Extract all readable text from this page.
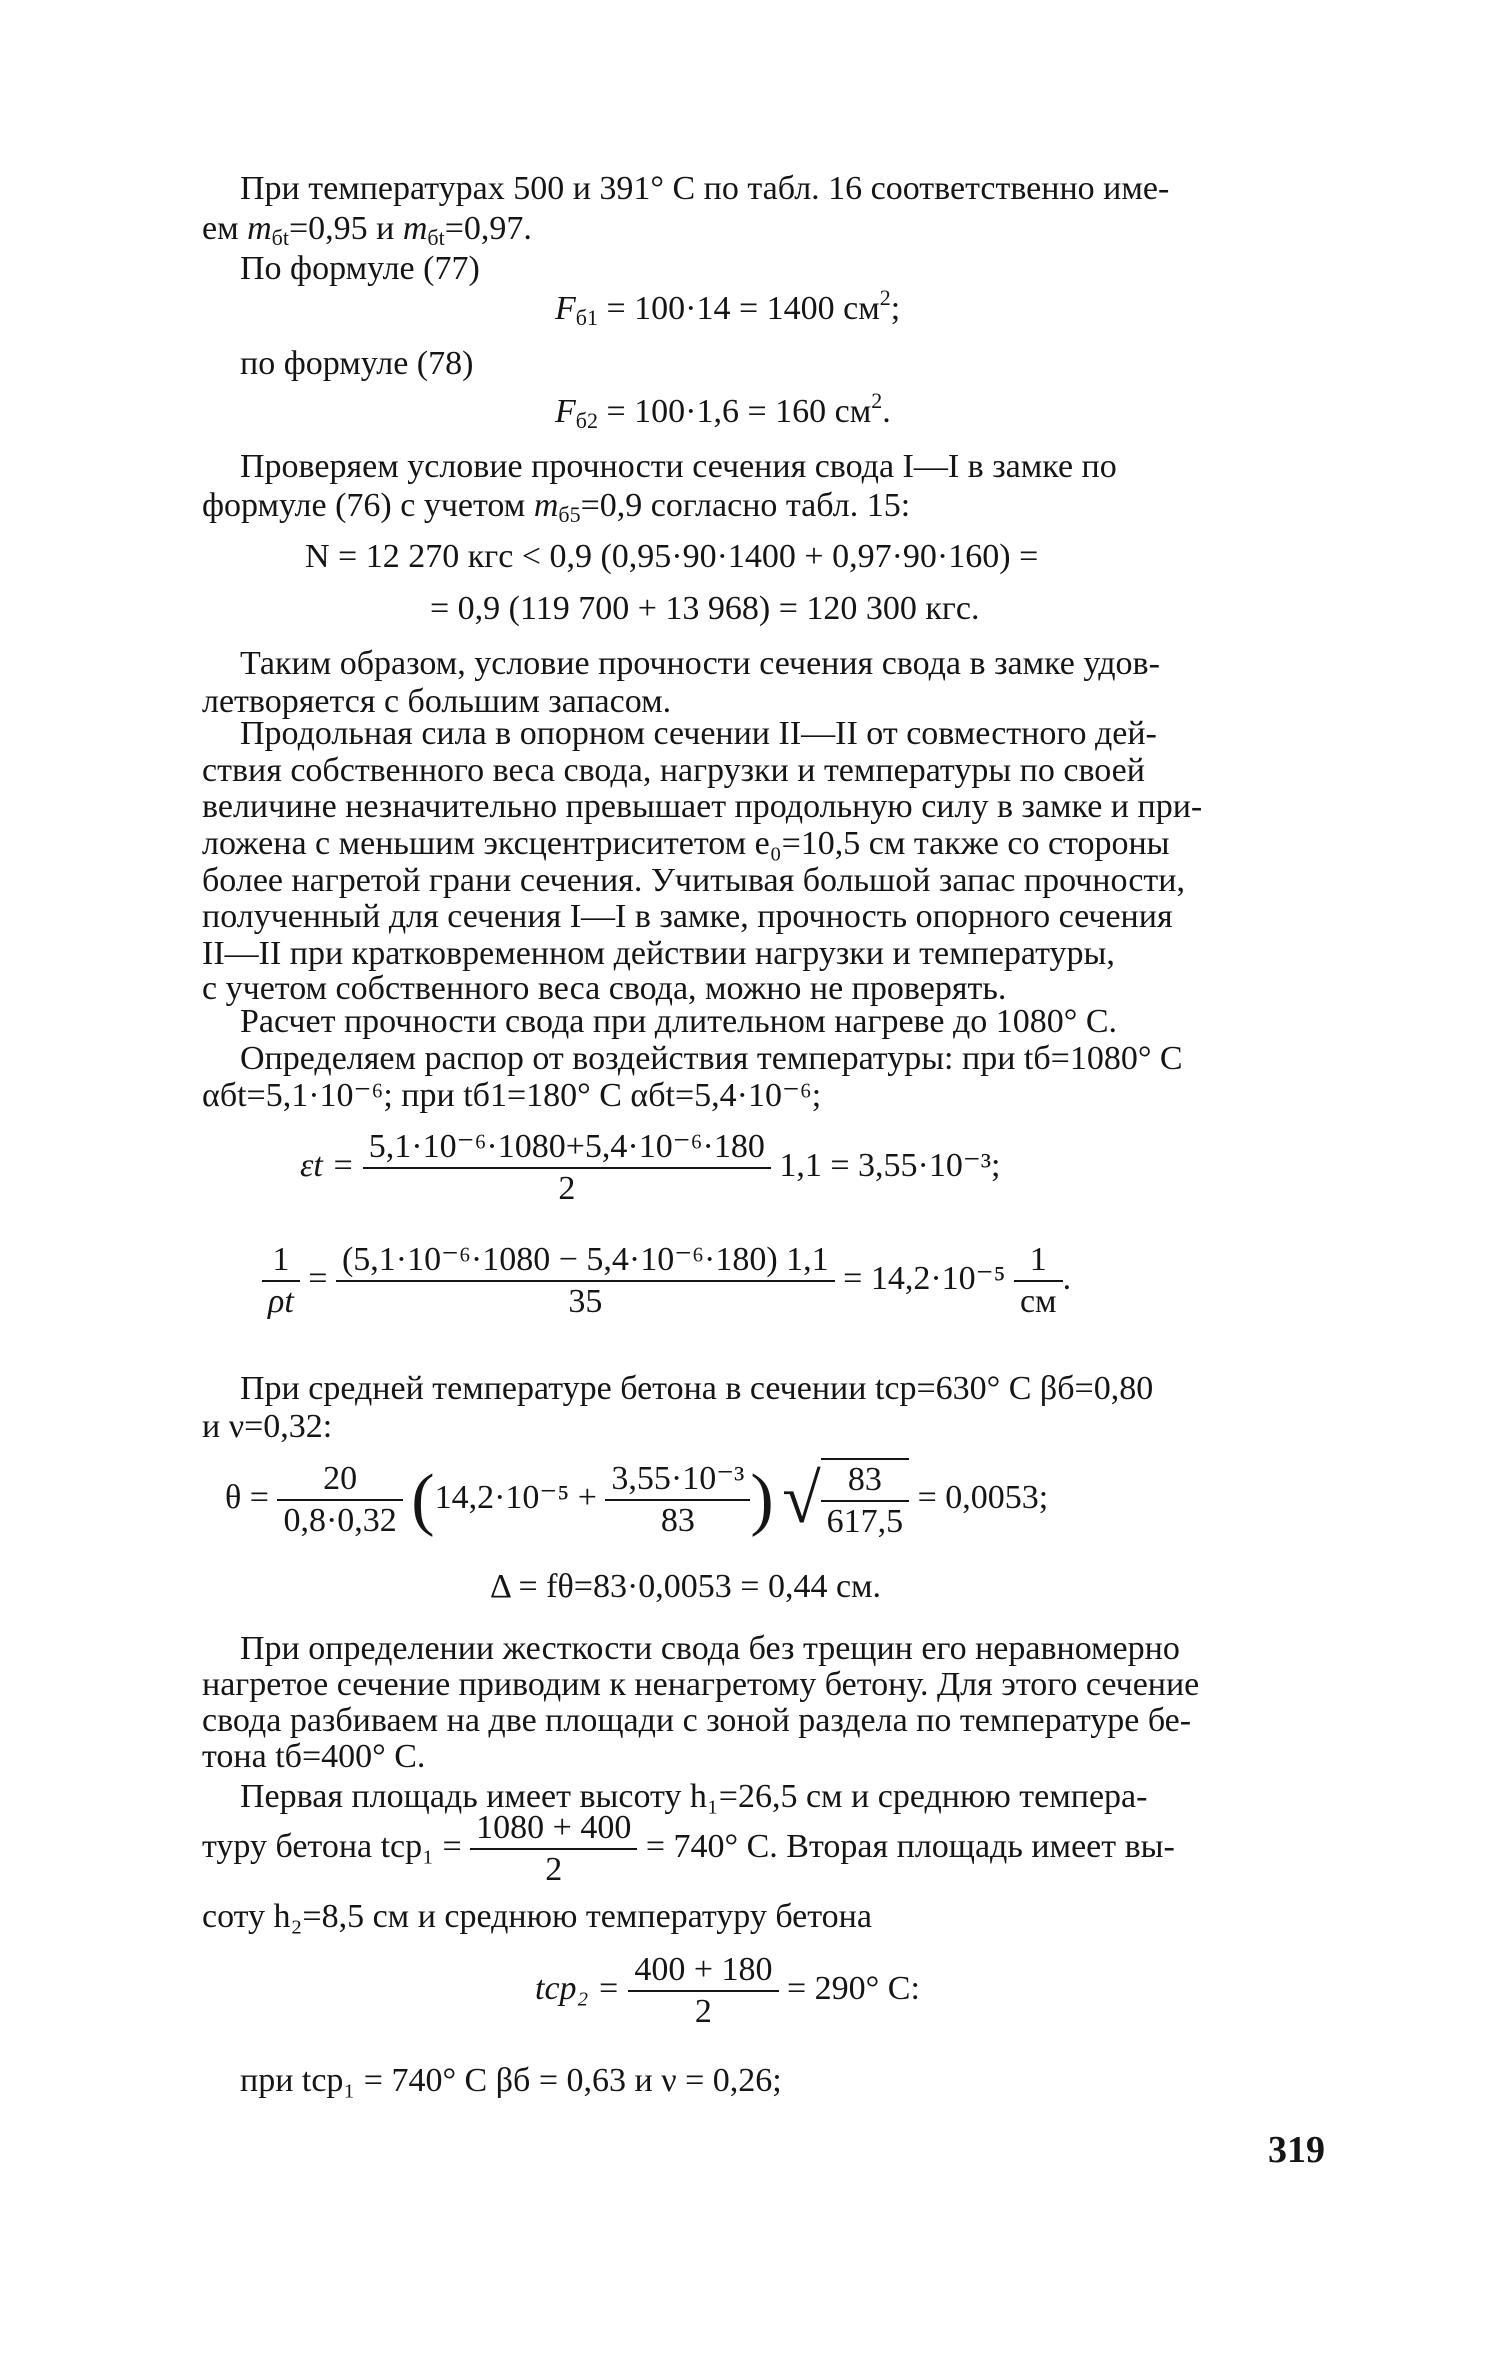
При температурах 500 и 391° С по табл. 16 соответственно име-
ем $m_{бt}=0,95$ и $m_{бt}=0,97$.
По формуле (77)
$F_{б1} = 100\cdot 14 = 1400$ $см^2$;
по формуле (78)
$F_{б2} = 100\cdot 1,6 = 160$ $см^2$.
Проверяем условие прочности сечения свода I—I в замке по
формуле (76) с учетом $m_{б5}=0,9$ согласно табл. 15:
N = 12 270 кгс < 0,9 (0,95·90·1400 + 0,97·90·160) =
= 0,9 (119 700 + 13 968) = 120 300 кгс.
Таким образом, условие прочности сечения свода в замке удов-
летворяется с большим запасом.
Продольная сила в опорном сечении II—II от совместного дей-
ствия собственного веса свода, нагрузки и температуры по своей
величине незначительно превышает продольную силу в замке и при-
ложена с меньшим эксцентриситетом e₀=10,5 см также со стороны
более нагретой грани сечения. Учитывая большой запас прочности,
полученный для сечения I—I в замке, прочность опорного сечения
II—II при кратковременном действии нагрузки и температуры,
с учетом собственного веса свода, можно не проверять.
Расчет прочности свода при длительном нагреве до 1080° С.
Определяем распор от воздействия температуры: при tб=1080° С
αбt=5,1·10⁻⁶; при tб1=180° С αбt=5,4·10⁻⁶;
$\varepsilon t = \frac{\text{5,1·10⁻⁶·1080+5,4·10⁻⁶·180}}{2} 1,1 = 3,55\cdot 10^{-3}$;
$\frac{1}{\rho t} = \frac{\text{(5,1·10⁻⁶·1080 − 5,4·10⁻⁶·180) 1,1}}{35} = 14,2\cdot 10^{-5} \frac{1}{см}$ .
При средней температуре бетона в сечении tср=630° С βб=0,80
и ν=0,32:
$\theta = \frac{20}{0,8\cdot 0,32} (14,2\cdot 10^{-5} + \frac{\text{3,55·10⁻³}}{83}$ ) √ $\frac{83}{617,5} = 0,0053$;
Δ = fθ=83·0,0053 = 0,44 см.
При определении жесткости свода без трещин его неравномерно
нагретое сечение приводим к ненагретому бетону. Для этого сечение
свода разбиваем на две площади с зоной раздела по температуре бе-
тона tб=400° С.
Первая площадь имеет высоту h₁=26,5 см и среднюю темпера-
туру бетона $tср_1 = \frac{1080 + 400}{2} = 740^\circ$ С. Вторая площадь имеет вы-
соту h₂=8,5 см и среднюю температуру бетона
$tср_2 = \frac{400 + 180}{2} = 290^\circ$ С:
при tср₁ = 740° С βб = 0,63 и ν = 0,26;
319
